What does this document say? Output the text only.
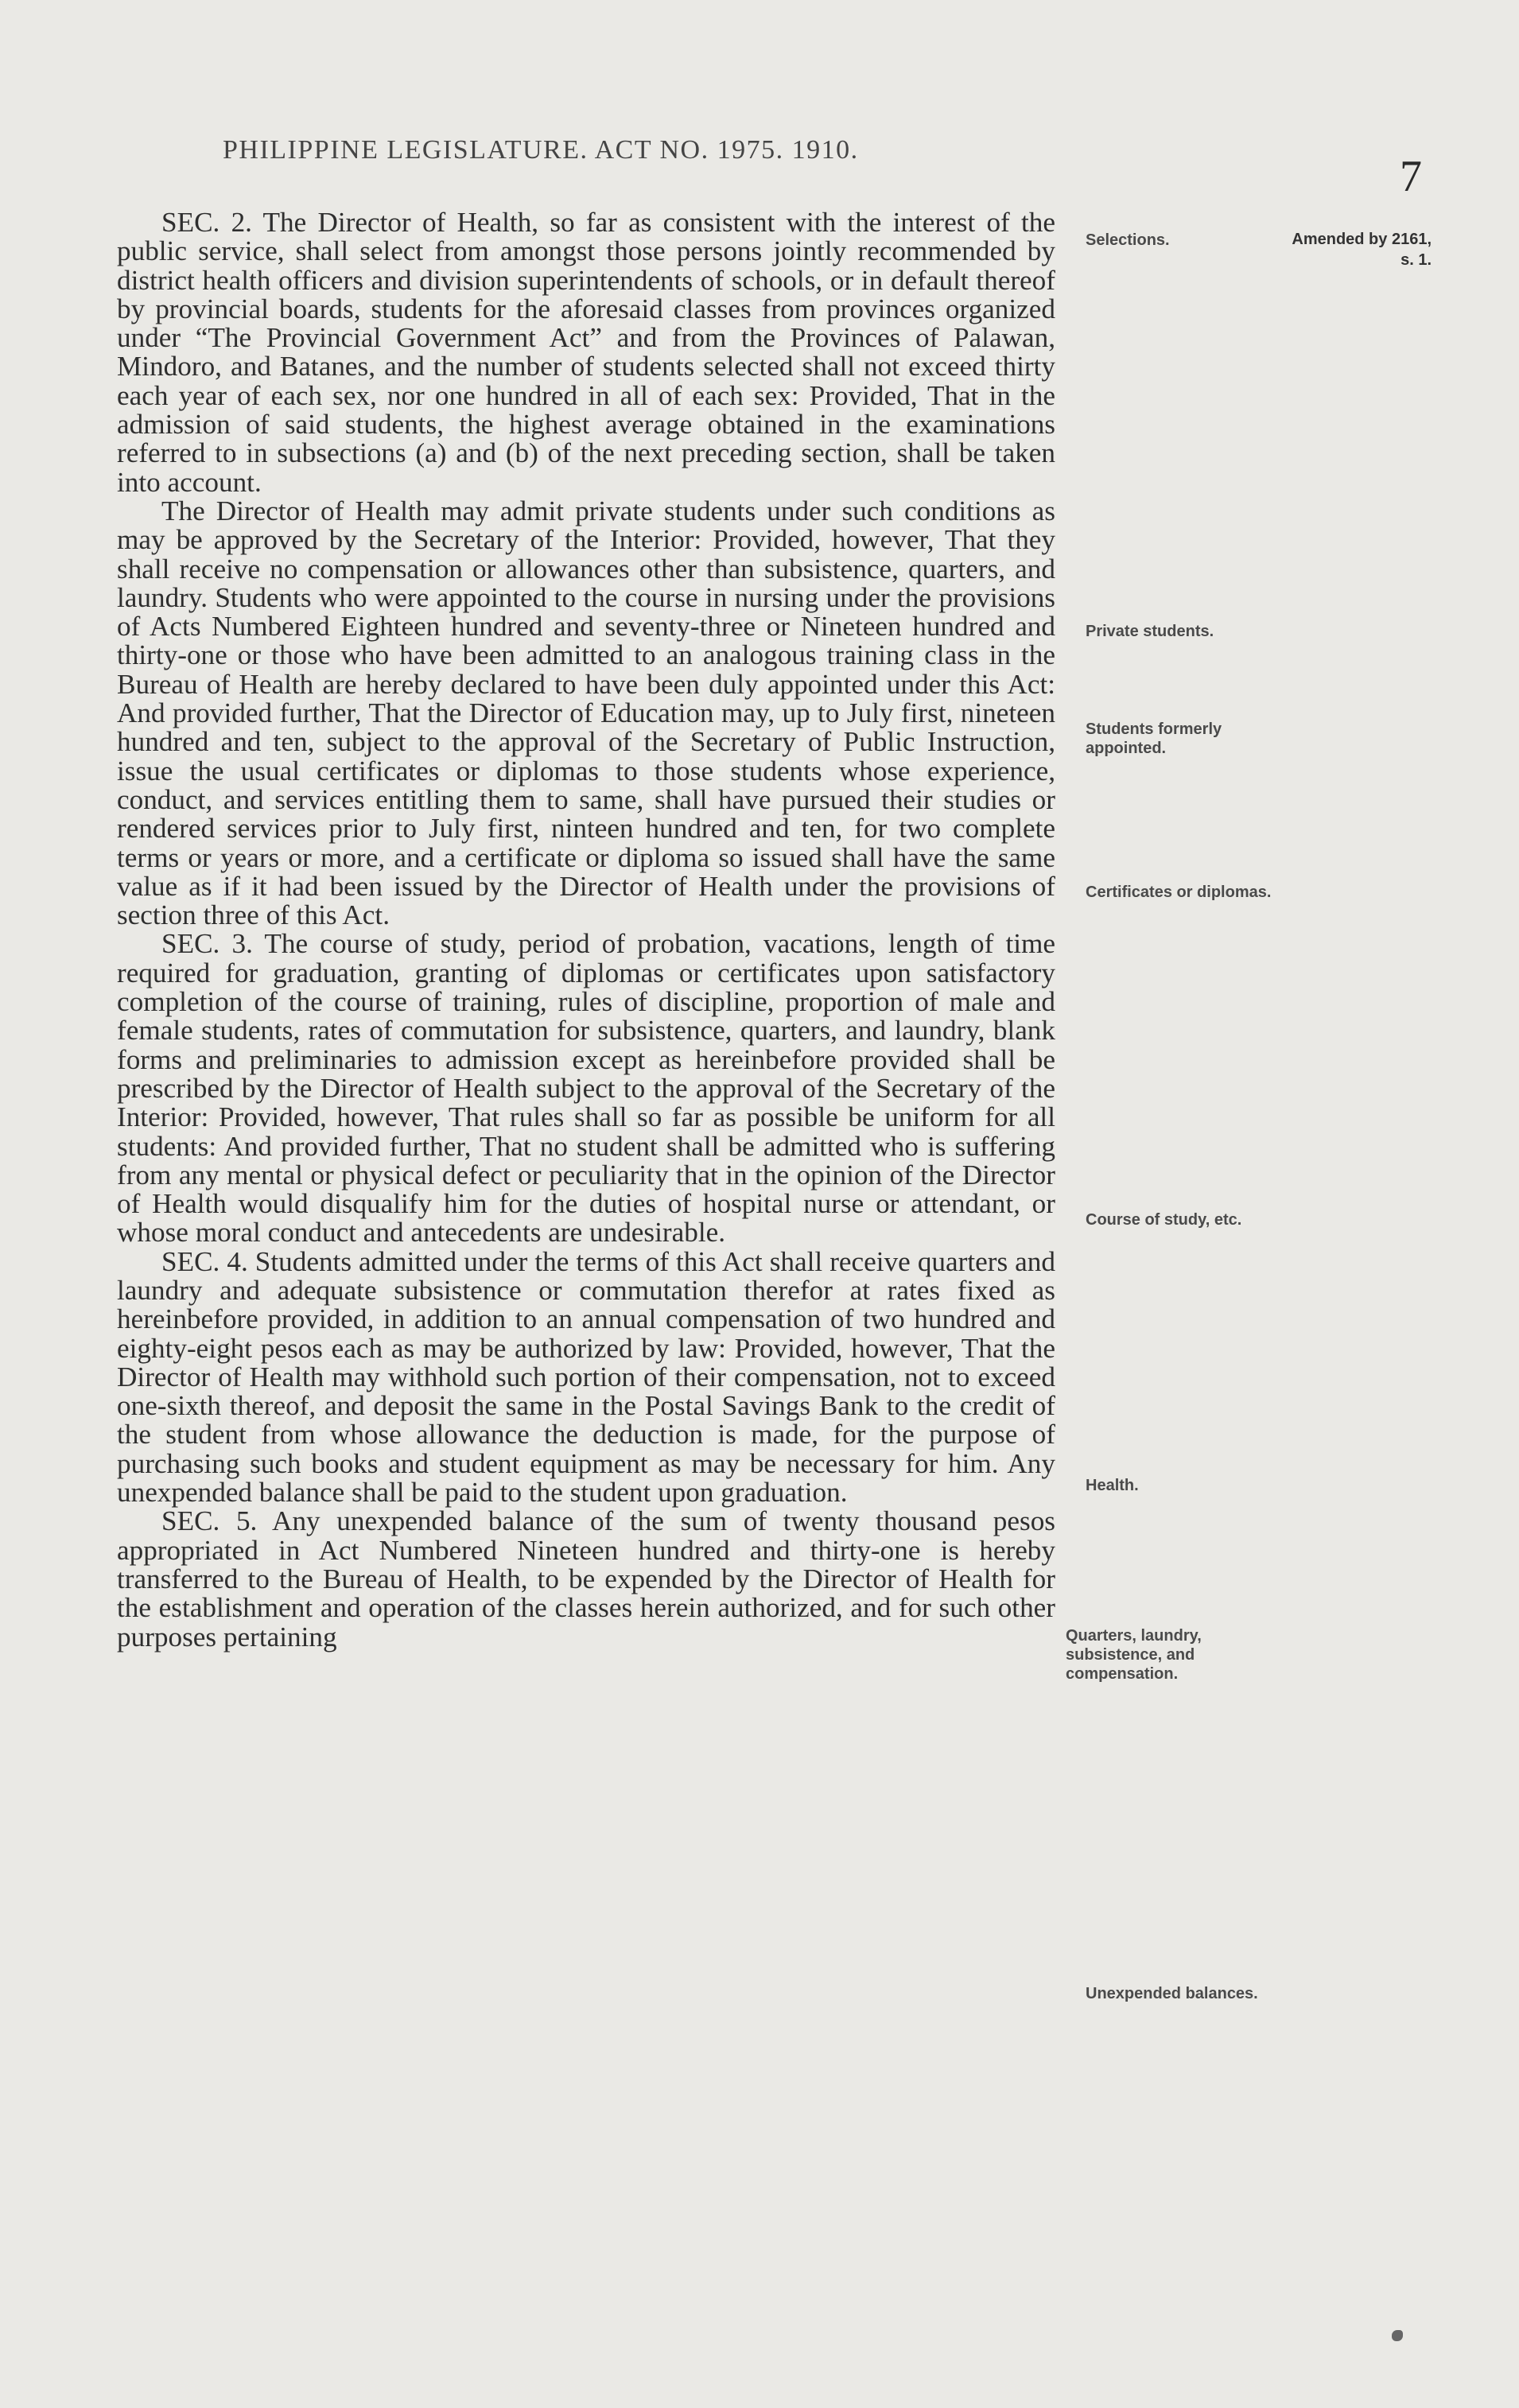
PHILIPPINE LEGISLATURE. ACT NO. 1975. 1910.
7
Amended by 2161, s. 1.
Selections.
Private students.
Students formerly appointed.
Certificates or diplomas.
Course of study, etc.
Health.
Quarters, laundry, subsistence, and compensation.
Unexpended balances.

SEC. 2. The Director of Health, so far as consistent with the interest of the public service, shall select from amongst those persons jointly recommended by district health officers and division superintendents of schools, or in default thereof by provincial boards, students for the aforesaid classes from provinces organized under “The Provincial Government Act” and from the Provinces of Palawan, Mindoro, and Batanes, and the number of students selected shall not exceed thirty each year of each sex, nor one hundred in all of each sex: Provided, That in the admission of said students, the highest average obtained in the examinations referred to in subsections (a) and (b) of the next preceding section, shall be taken into account.

The Director of Health may admit private students under such conditions as may be approved by the Secretary of the Interior: Provided, however, That they shall receive no compensation or allowances other than subsistence, quarters, and laundry. Students who were appointed to the course in nursing under the provisions of Acts Numbered Eighteen hundred and seventy-three or Nineteen hundred and thirty-one or those who have been admitted to an analogous training class in the Bureau of Health are hereby declared to have been duly appointed under this Act: And provided further, That the Director of Education may, up to July first, nineteen hundred and ten, subject to the approval of the Secretary of Public Instruction, issue the usual certificates or diplomas to those students whose experience, conduct, and services entitling them to same, shall have pursued their studies or rendered services prior to July first, ninteen hundred and ten, for two complete terms or years or more, and a certificate or diploma so issued shall have the same value as if it had been issued by the Director of Health under the provisions of section three of this Act.

SEC. 3. The course of study, period of probation, vacations, length of time required for graduation, granting of diplomas or certificates upon satisfactory completion of the course of training, rules of discipline, proportion of male and female students, rates of commutation for subsistence, quarters, and laundry, blank forms and preliminaries to admission except as hereinbefore provided shall be prescribed by the Director of Health subject to the approval of the Secretary of the Interior: Provided, however, That rules shall so far as possible be uniform for all students: And provided further, That no student shall be admitted who is suffering from any mental or physical defect or peculiarity that in the opinion of the Director of Health would disqualify him for the duties of hospital nurse or attendant, or whose moral conduct and antecedents are undesirable.

SEC. 4. Students admitted under the terms of this Act shall receive quarters and laundry and adequate subsistence or commutation therefor at rates fixed as hereinbefore provided, in addition to an annual compensation of two hundred and eighty-eight pesos each as may be authorized by law: Provided, however, That the Director of Health may withhold such portion of their compensation, not to exceed one-sixth thereof, and deposit the same in the Postal Savings Bank to the credit of the student from whose allowance the deduction is made, for the purpose of purchasing such books and student equipment as may be necessary for him. Any unexpended balance shall be paid to the student upon graduation.

SEC. 5. Any unexpended balance of the sum of twenty thousand pesos appropriated in Act Numbered Nineteen hundred and thirty-one is hereby transferred to the Bureau of Health, to be expended by the Director of Health for the establishment and operation of the classes herein authorized, and for such other purposes pertaining
